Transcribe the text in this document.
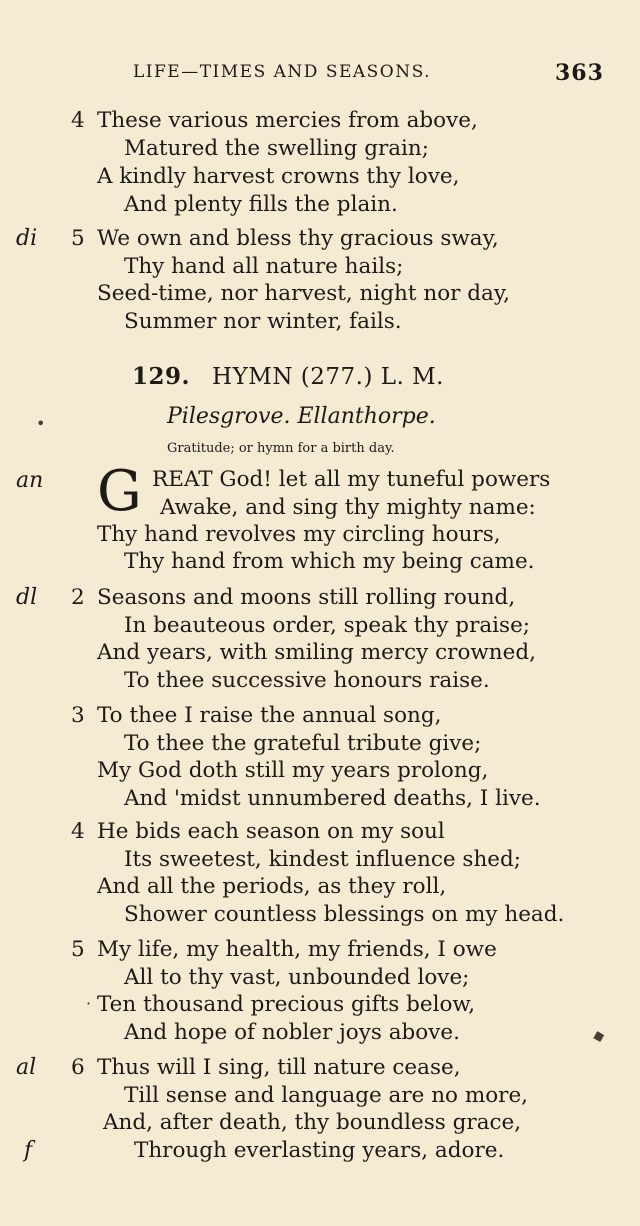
LIFE—TIMES AND SEASONS.	363
4 These various mercies from above,
Matured the swelling grain;
A kindly harvest crowns thy love,
And plenty fills the plain.
di 5 We own and bless thy gracious sway,
Thy hand all nature hails;
Seed-time, nor harvest, night nor day,
Summer nor winter, fails.
129. HYMN (277.) L. M.
Pilesgrove. Ellanthorpe.
Gratitude; or hymn for a birth day.
•
an G REAT God! let all my tuneful powers
Awake, and sing thy mighty name:
Thy hand revolves my circling hours,
Thy hand from which my being came.
dl 2 Seasons and moons still rolling round,
In beauteous order, speak thy praise;
And years, with smiling mercy crowned,
To thee successive honours raise.
3 To thee I raise the annual song,
To thee the grateful tribute give;
My God doth still my years prolong,
And 'midst unnumbered deaths, I live.
4 He bids each season on my soul
Its sweetest, kindest influence shed;
And all the periods, as they roll,
Shower countless blessings on my head.
5 My life, my health, my friends, I owe
All to thy vast, unbounded love;
Ten thousand precious gifts below,
·
And hope of nobler joys above.	▪
al 6 Thus will I sing, till nature cease,
Till sense and language are no more,
And, after death, thy boundless grace,
f	Through everlasting years, adore.
